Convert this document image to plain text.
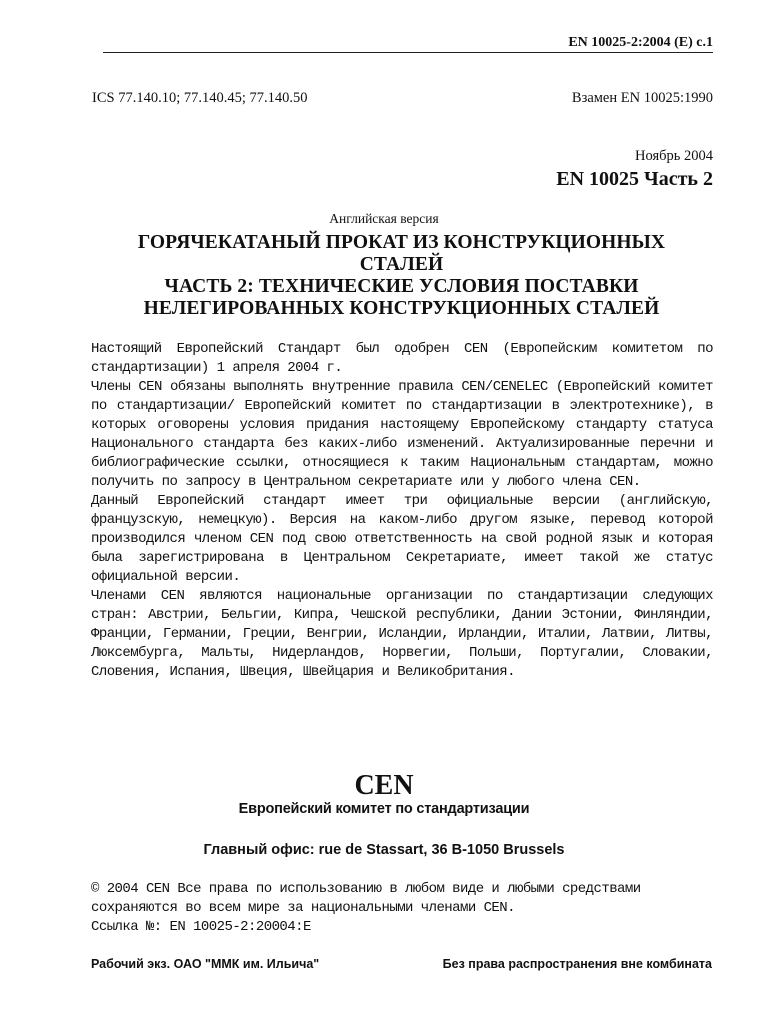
EN 10025-2:2004 (E) с.1
ICS 77.140.10; 77.140.45; 77.140.50	Взамен EN 10025:1990
Ноябрь 2004
EN 10025 Часть 2
Английская версия
ГОРЯЧЕКАТАНЫЙ ПРОКАТ ИЗ КОНСТРУКЦИОННЫХ
СТАЛЕЙ
ЧАСТЬ 2: ТЕХНИЧЕСКИЕ УСЛОВИЯ ПОСТАВКИ
НЕЛЕГИРОВАННЫХ КОНСТРУКЦИОННЫХ СТАЛЕЙ

Настоящий Европейский Стандарт был одобрен CEN (Европейским комитетом по стандартизации) 1 апреля 2004 г.

Члены CEN обязаны выполнять внутренние правила CEN/CENELEC (Европейский комитет по стандартизации/ Европейский комитет по стандартизации в электротехнике), в которых оговорены условия придания настоящему Европейскому стандарту статуса Национального стандарта без каких-либо изменений. Актуализированные перечни и библиографические ссылки, относящиеся к таким Национальным стандартам, можно получить по запросу в Центральном секретариате или у любого члена CEN.

Данный Европейский стандарт имеет три официальные версии (английскую, французскую, немецкую). Версия на каком-либо другом языке, перевод которой производился членом CEN под свою ответственность на свой родной язык и которая была зарегистрирована в Центральном Секретариате, имеет такой же статус официальной версии.

Членами CEN являются национальные организации по стандартизации следующих стран: Австрии, Бельгии, Кипра, Чешской республики, Дании Эстонии, Финляндии, Франции, Германии, Греции, Венгрии, Исландии, Ирландии, Италии, Латвии, Литвы, Люксембурга, Мальты, Нидерландов, Норвегии, Польши, Португалии, Словакии, Словения, Испания, Швеция, Швейцария и Великобритания.

CEN
Европейский комитет по стандартизации
Главный офис: rue de Stassart, 36 B-1050 Brussels

© 2004 CEN Все права по использованию в любом виде и любыми средствами сохраняются во всем мире за национальными членами CEN.

Ссылка №: EN 10025-2:20004:E

Рабочий экз. ОАО "ММК им. Ильича"	Без права распространения вне комбината
